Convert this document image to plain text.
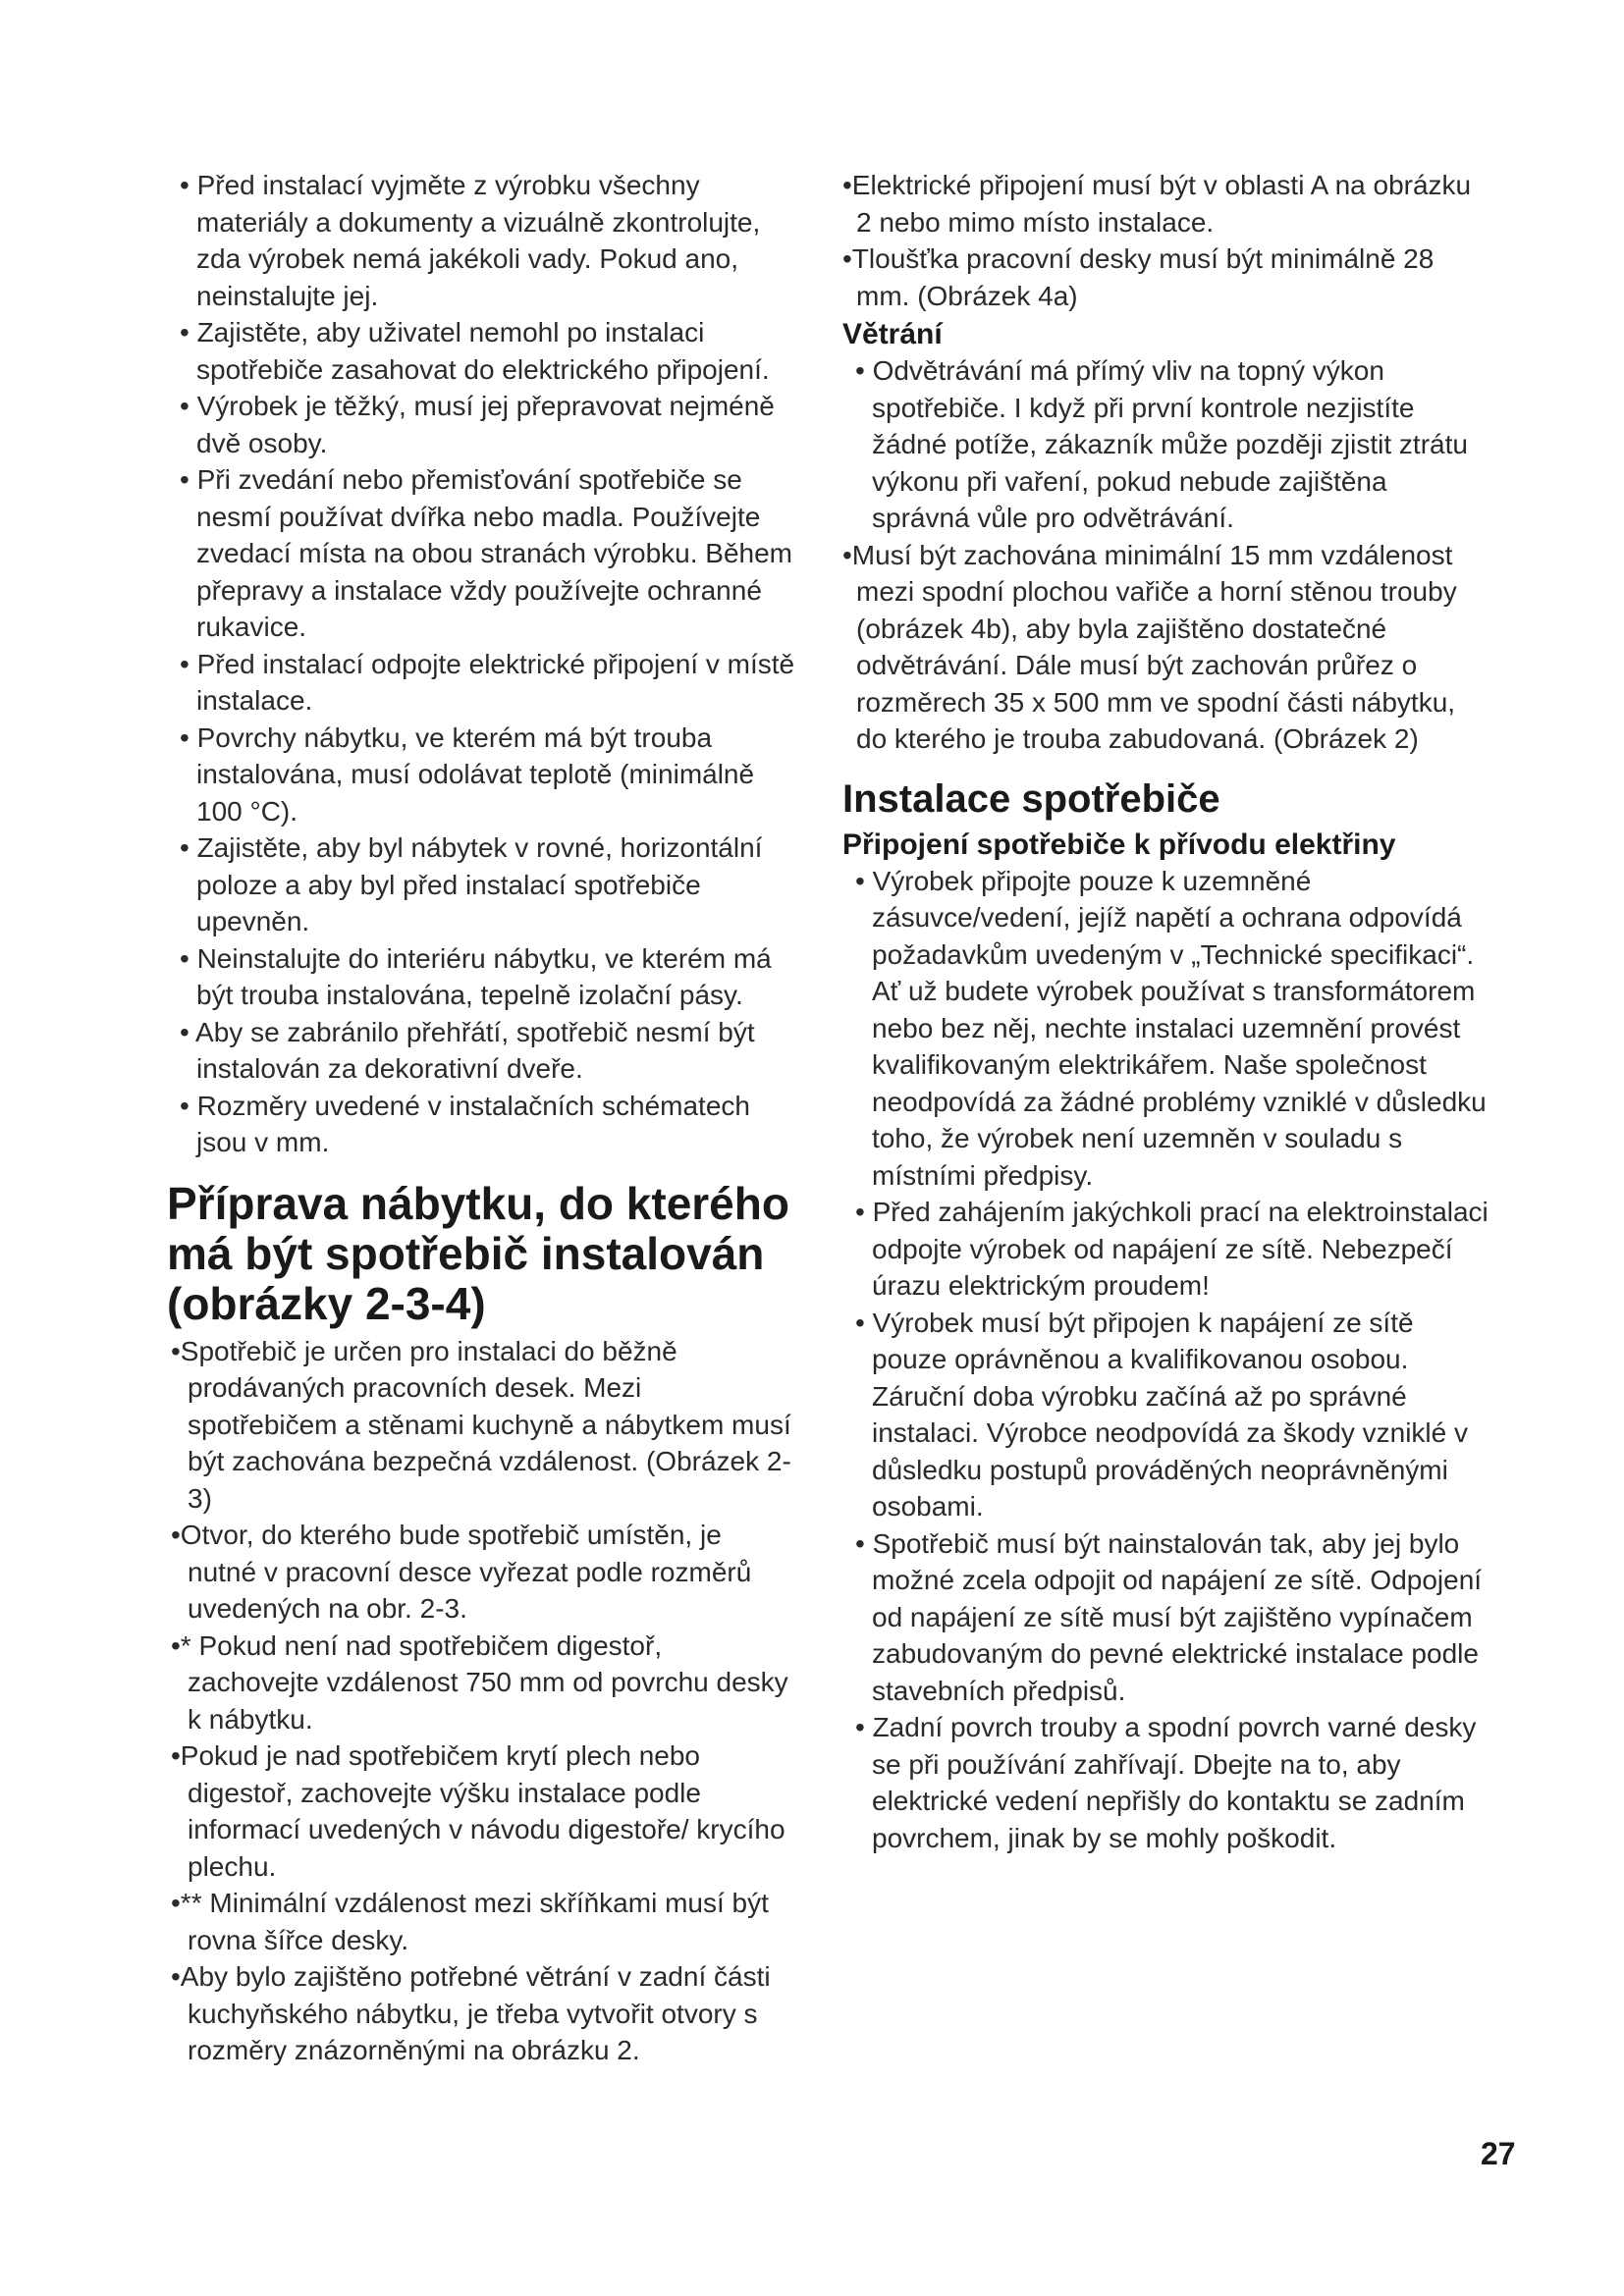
• Před instalací vyjměte z výrobku všechny materiály a dokumenty a vizuálně zkontrolujte, zda výrobek nemá jakékoli vady. Pokud ano, neinstalujte jej.

• Zajistěte, aby uživatel nemohl po instalaci spotřebiče zasahovat do elektrického připojení.

• Výrobek je těžký, musí jej přepravovat nejméně dvě osoby.

• Při zvedání nebo přemisťování spotřebiče se nesmí používat dvířka nebo madla. Používejte zvedací místa na obou stranách výrobku. Během přepravy a instalace vždy používejte ochranné rukavice.

• Před instalací odpojte elektrické připojení v místě instalace.

• Povrchy nábytku, ve kterém má být trouba instalována, musí odolávat teplotě (minimálně 100 °C).

• Zajistěte, aby byl nábytek v rovné, horizontální poloze a aby byl před instalací spotřebiče upevněn.

• Neinstalujte do interiéru nábytku, ve kterém má být trouba instalována, tepelně izolační pásy.

• Aby se zabránilo přehřátí, spotřebič nesmí být instalován za dekorativní dveře.

• Rozměry uvedené v instalačních schématech jsou v mm.

Příprava nábytku, do kterého má být spotřebič instalován (obrázky 2-3-4)

•Spotřebič je určen pro instalaci do běžně prodávaných pracovních desek. Mezi spotřebičem a stěnami kuchyně a nábytkem musí být zachována bezpečná vzdálenost. (Obrázek 2-3)

•Otvor, do kterého bude spotřebič umístěn, je nutné v pracovní desce vyřezat podle rozměrů uvedených na obr. 2-3.

•* Pokud není nad spotřebičem digestoř, zachovejte vzdálenost 750 mm od povrchu desky k nábytku.

•Pokud je nad spotřebičem krytí plech nebo digestoř, zachovejte výšku instalace podle informací uvedených v návodu digestoře/ krycího plechu.

•** Minimální vzdálenost mezi skříňkami musí být rovna šířce desky.

•Aby bylo zajištěno potřebné větrání v zadní části kuchyňského nábytku, je třeba vytvořit otvory s rozměry znázorněnými na obrázku 2.

•Elektrické připojení musí být v oblasti A na obrázku 2 nebo mimo místo instalace.

•Tloušťka pracovní desky musí být minimálně 28 mm. (Obrázek 4a)

Větrání

• Odvětrávání má přímý vliv na topný výkon spotřebiče. I když při první kontrole nezjistíte žádné potíže, zákazník může později zjistit ztrátu výkonu při vaření, pokud nebude zajištěna správná vůle pro odvětrávání.

•Musí být zachována minimální 15 mm vzdálenost mezi spodní plochou vařiče a horní stěnou trouby (obrázek 4b), aby byla zajištěno dostatečné odvětrávání. Dále musí být zachován průřez o rozměrech 35 x 500 mm ve spodní části nábytku, do kterého je trouba zabudovaná. (Obrázek 2)

Instalace spotřebiče
Připojení spotřebiče k přívodu elektřiny

• Výrobek připojte pouze k uzemněné zásuvce/vedení, jejíž napětí a ochrana odpovídá požadavkům uvedeným v „Technické specifikaci“. Ať už budete výrobek používat s transformátorem nebo bez něj, nechte instalaci uzemnění provést kvalifikovaným elektrikářem. Naše společnost neodpovídá za žádné problémy vzniklé v důsledku toho, že výrobek není uzemněn v souladu s místními předpisy.

• Před zahájením jakýchkoli prací na elektroinstalaci odpojte výrobek od napájení ze sítě. Nebezpečí úrazu elektrickým proudem!

• Výrobek musí být připojen k napájení ze sítě pouze oprávněnou a kvalifikovanou osobou. Záruční doba výrobku začíná až po správné instalaci. Výrobce neodpovídá za škody vzniklé v důsledku postupů prováděných neoprávněnými osobami.

• Spotřebič musí být nainstalován tak, aby jej bylo možné zcela odpojit od napájení ze sítě. Odpojení od napájení ze sítě musí být zajištěno vypínačem zabudovaným do pevné elektrické instalace podle stavebních předpisů.

• Zadní povrch trouby a spodní povrch varné desky se při používání zahřívají. Dbejte na to, aby elektrické vedení nepřišly do kontaktu se zadním povrchem, jinak by se mohly poškodit.

27
